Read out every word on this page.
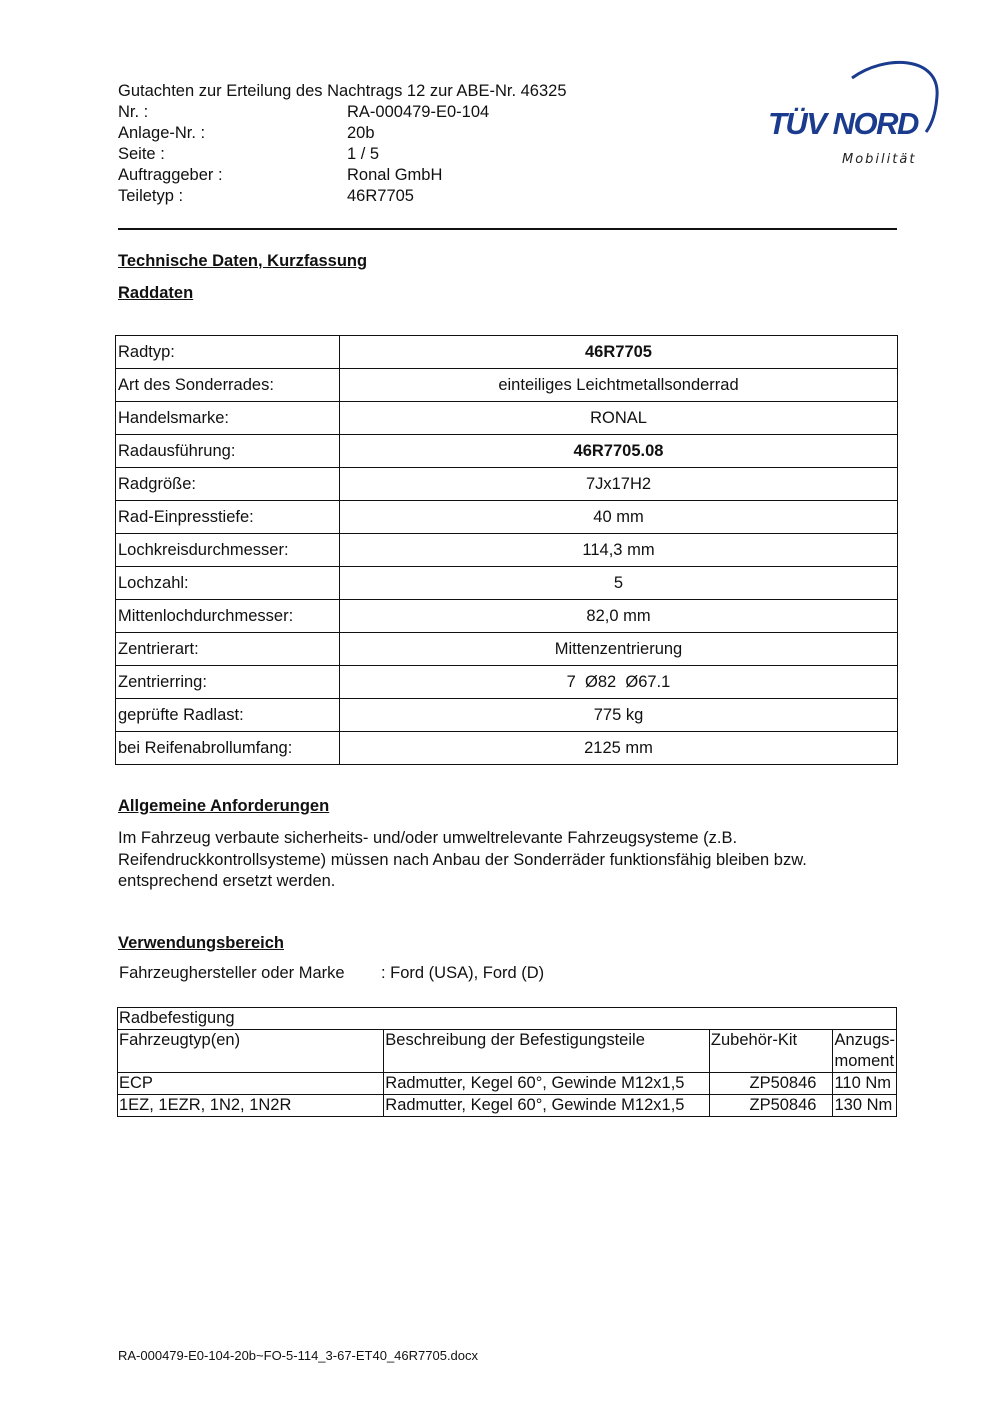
Gutachten zur Erteilung des Nachtrags 12 zur ABE-Nr. 46325
Nr. :	RA-000479-E0-104
Anlage-Nr. :	20b
Seite :	1 / 5
Auftraggeber :	Ronal GmbH
Teiletyp :	46R7705
TÜV NORD
Mobilität
Technische Daten, Kurzfassung
Raddaten
Radtyp:	46R7705
Art des Sonderrades:	einteiliges Leichtmetallsonderrad
Handelsmarke:	RONAL
Radausführung:	46R7705.08
Radgröße:	7Jx17H2
Rad-Einpresstiefe:	40 mm
Lochkreisdurchmesser:	114,3 mm
Lochzahl:	5
Mittenlochdurchmesser:	82,0 mm
Zentrierart:	Mittenzentrierung
Zentrierring:	7  Ø82  Ø67.1
geprüfte Radlast:	775 kg
bei Reifenabrollumfang:	2125 mm
Allgemeine Anforderungen
Im Fahrzeug verbaute sicherheits- und/oder umweltrelevante Fahrzeugsysteme (z.B. Reifendruckkontrollsysteme) müssen nach Anbau der Sonderräder funktionsfähig bleiben bzw. entsprechend ersetzt werden.
Verwendungsbereich
Fahrzeughersteller oder Marke	: Ford (USA), Ford (D)
Radbefestigung			
Fahrzeugtyp(en)	Beschreibung der Befestigungsteile	Zubehör-Kit	Anzugs-moment
ECP	Radmutter, Kegel 60°, Gewinde M12x1,5	ZP50846	110 Nm
1EZ, 1EZR, 1N2, 1N2R	Radmutter, Kegel 60°, Gewinde M12x1,5	ZP50846	130 Nm
RA-000479-E0-104-20b~FO-5-114_3-67-ET40_46R7705.docx
